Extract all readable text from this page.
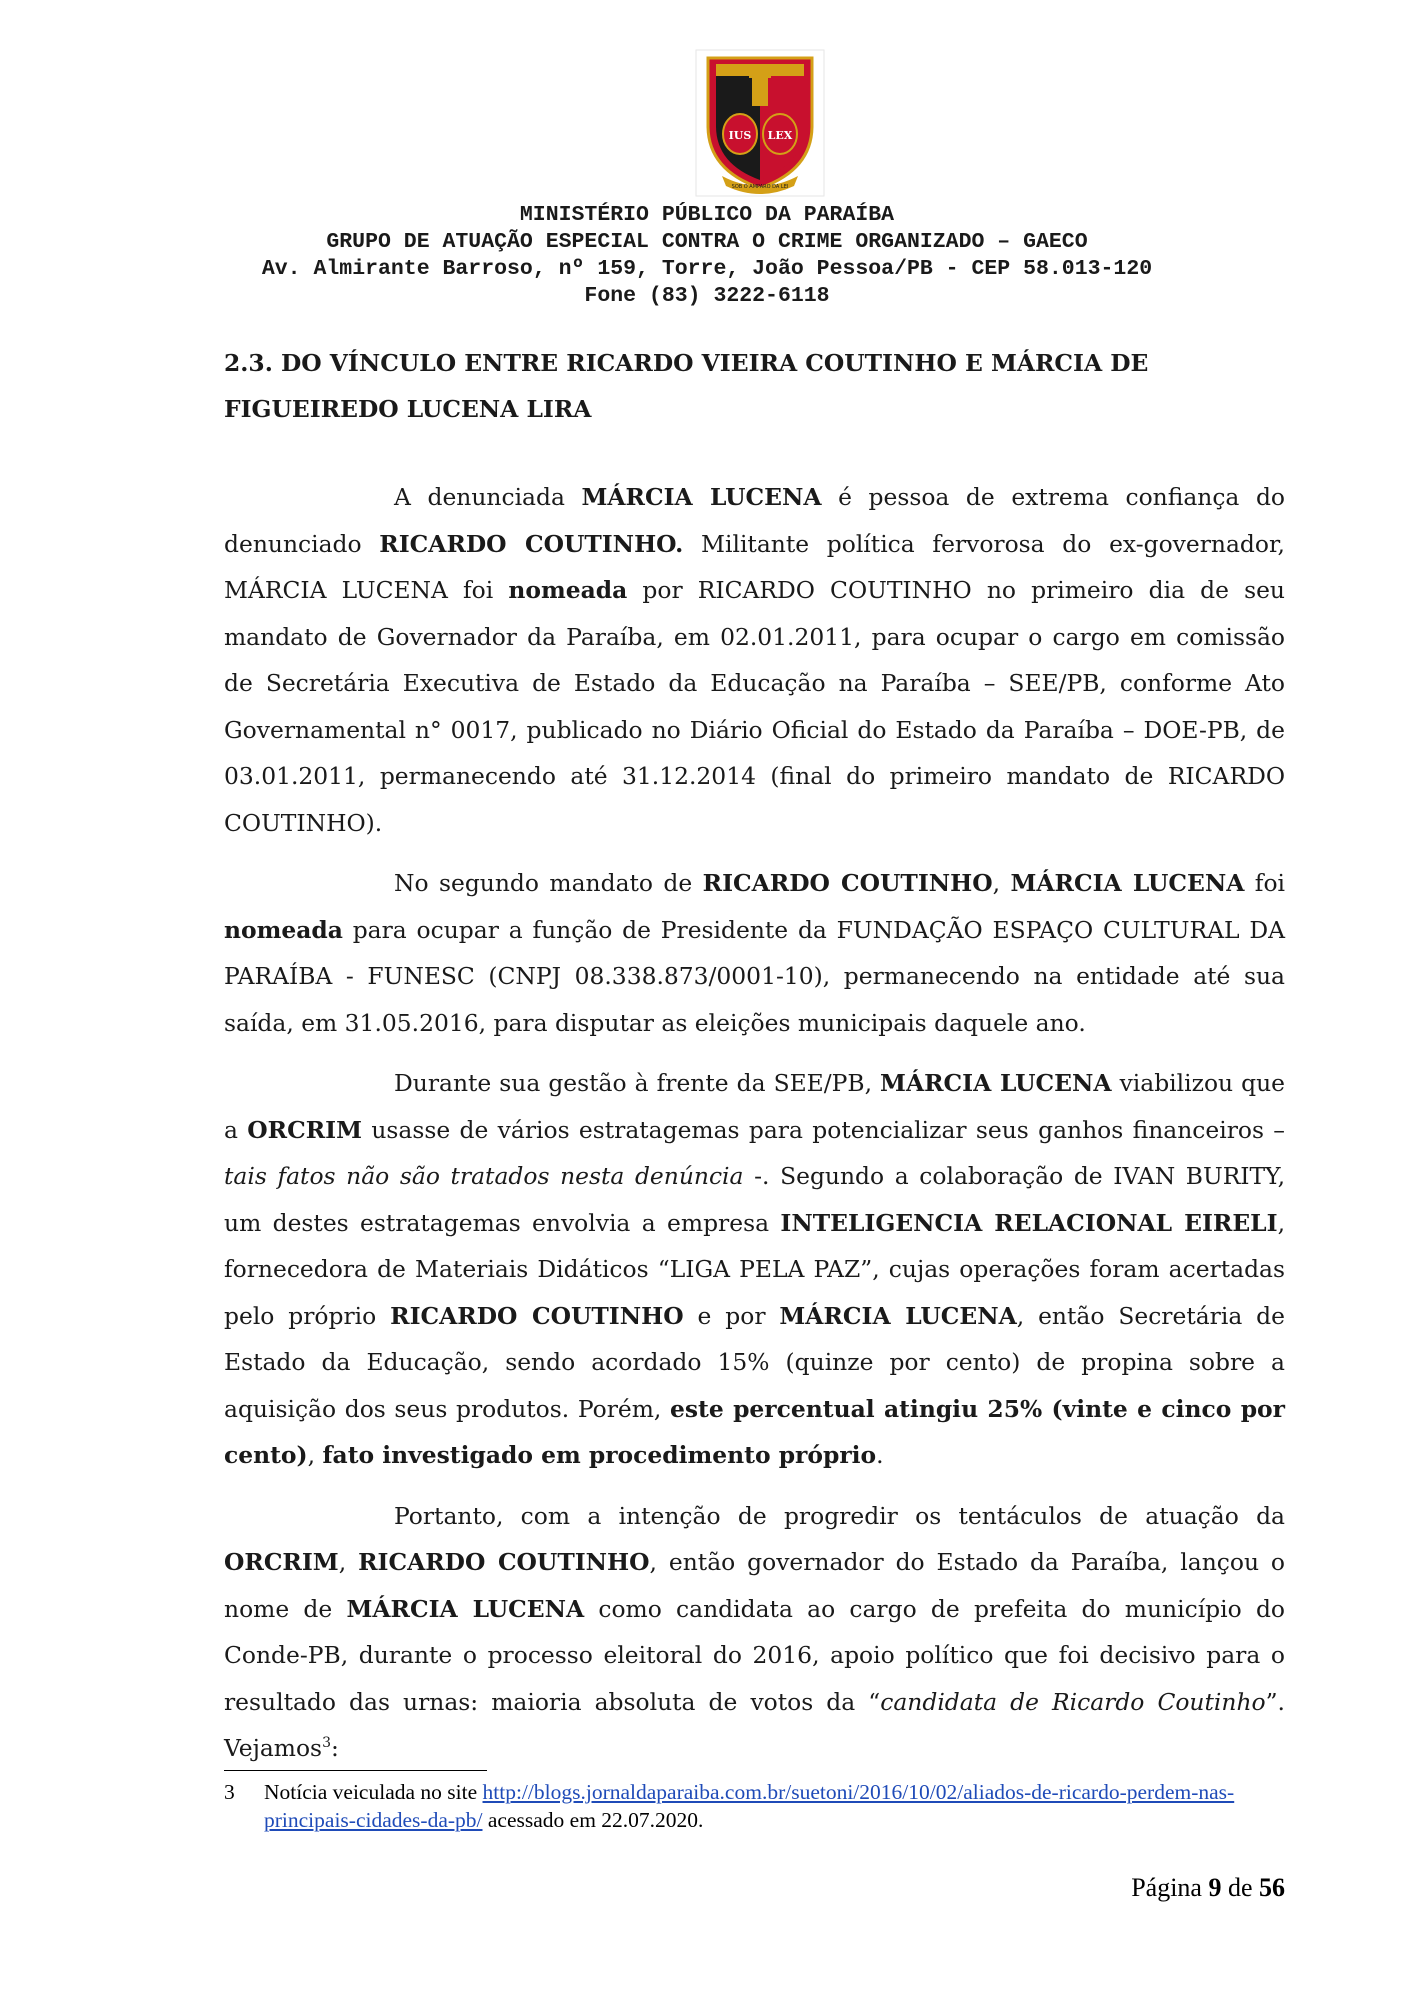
IUS LEX
SOB O AMPARO DA LEI
MINISTÉRIO PÚBLICO DA PARAÍBA
GRUPO DE ATUAÇÃO ESPECIAL CONTRA O CRIME ORGANIZADO – GAECO
Av. Almirante Barroso, nº 159, Torre, João Pessoa/PB - CEP 58.013-120
Fone (83) 3222-6118
2.3. DO VÍNCULO ENTRE RICARDO VIEIRA COUTINHO E MÁRCIA DE FIGUEIREDO LUCENA LIRA

A denunciada MÁRCIA LUCENA é pessoa de extrema confiança do denunciado RICARDO COUTINHO. Militante política fervorosa do ex-governador, MÁRCIA LUCENA foi nomeada por RICARDO COUTINHO no primeiro dia de seu mandato de Governador da Paraíba, em 02.01.2011, para ocupar o cargo em comissão de Secretária Executiva de Estado da Educação na Paraíba – SEE/PB, conforme Ato Governamental n° 0017, publicado no Diário Oficial do Estado da Paraíba – DOE-PB, de 03.01.2011, permanecendo até 31.12.2014 (final do primeiro mandato de RICARDO COUTINHO).

No segundo mandato de RICARDO COUTINHO, MÁRCIA LUCENA foi nomeada para ocupar a função de Presidente da FUNDAÇÃO ESPAÇO CULTURAL DA PARAÍBA - FUNESC (CNPJ 08.338.873/0001-10), permanecendo na entidade até sua saída, em 31.05.2016, para disputar as eleições municipais daquele ano.

Durante sua gestão à frente da SEE/PB, MÁRCIA LUCENA viabilizou que a ORCRIM usasse de vários estratagemas para potencializar seus ganhos financeiros – tais fatos não são tratados nesta denúncia -. Segundo a colaboração de IVAN BURITY, um destes estratagemas envolvia a empresa INTELIGENCIA RELACIONAL EIRELI, fornecedora de Materiais Didáticos “LIGA PELA PAZ”, cujas operações foram acertadas pelo próprio RICARDO COUTINHO e por MÁRCIA LUCENA, então Secretária de Estado da Educação, sendo acordado 15% (quinze por cento) de propina sobre a aquisição dos seus produtos. Porém, este percentual atingiu 25% (vinte e cinco por cento), fato investigado em procedimento próprio.

Portanto, com a intenção de progredir os tentáculos de atuação da ORCRIM, RICARDO COUTINHO, então governador do Estado da Paraíba, lançou o nome de MÁRCIA LUCENA como candidata ao cargo de prefeita do município do Conde-PB, durante o processo eleitoral do 2016, apoio político que foi decisivo para o resultado das urnas: maioria absoluta de votos da “candidata de Ricardo Coutinho”. Vejamos$^3$:

3 Notícia veiculada no site http://blogs.jornaldaparaiba.com.br/suetoni/2016/10/02/aliados-de-ricardo-perdem-nas-principais-cidades-da-pb/ acessado em 22.07.2020.
Página 9 de 56
